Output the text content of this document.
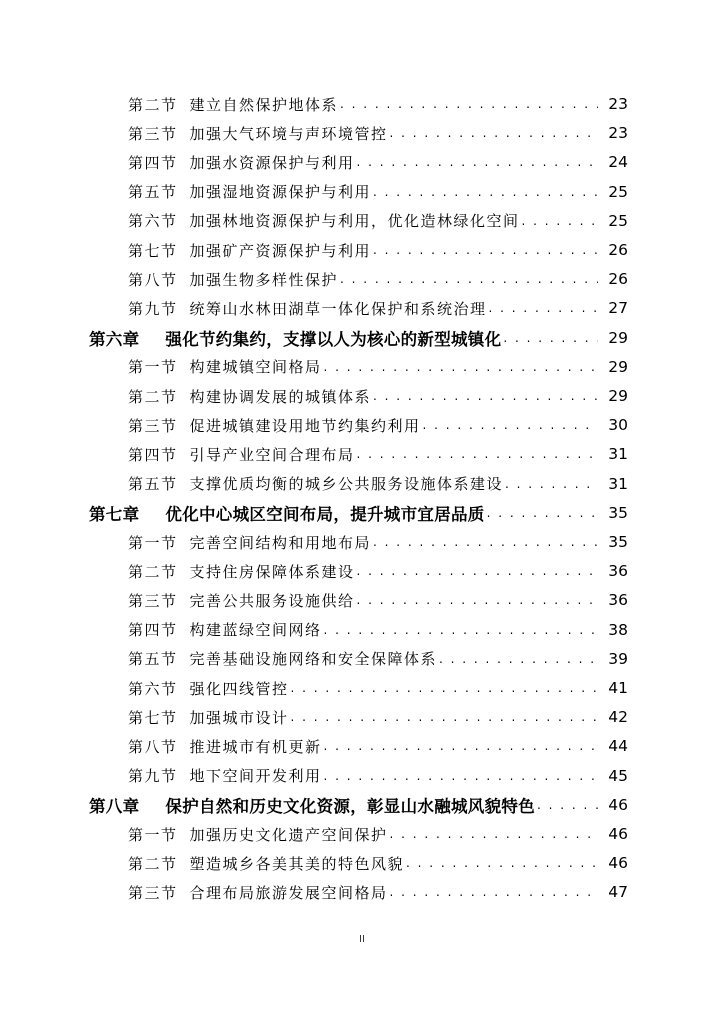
第二节 建立自然保护地体系 . . .	23
第三节 加强大气环境与声环境管控 . . .	23
第四节 加强水资源保护与利用 . . .	24
第五节 加强湿地资源保护与利用 . . .	25
第六节 加强林地资源保护与利用，优化造林绿化空间 . . .	25
第七节 加强矿产资源保护与利用 . . .	26
第八节 加强生物多样性保护 . . .	26
第九节 统筹山水林田湖草一体化保护和系统治理 . . .	27
第六章 强化节约集约，支撑以人为核心的新型城镇化 . . .	29
第一节 构建城镇空间格局 . . .	29
第二节 构建协调发展的城镇体系 . . .	29
第三节 促进城镇建设用地节约集约利用 . . .	30
第四节 引导产业空间合理布局 . . .	31
第五节 支撑优质均衡的城乡公共服务设施体系建设 . . .	31
第七章 优化中心城区空间布局，提升城市宜居品质 . . .	35
第一节 完善空间结构和用地布局 . . .	35
第二节 支持住房保障体系建设 . . .	36
第三节 完善公共服务设施供给 . . .	36
第四节 构建蓝绿空间网络 . . .	38
第五节 完善基础设施网络和安全保障体系 . . .	39
第六节 强化四线管控 . . .	41
第七节 加强城市设计 . . .	42
第八节 推进城市有机更新 . . .	44
第九节 地下空间开发利用 . . .	45
第八章 保护自然和历史文化资源，彰显山水融城风貌特色 . . .	46
第一节 加强历史文化遗产空间保护 . . .	46
第二节 塑造城乡各美其美的特色风貌 . . .	46
第三节 合理布局旅游发展空间格局 . . .	47
II
